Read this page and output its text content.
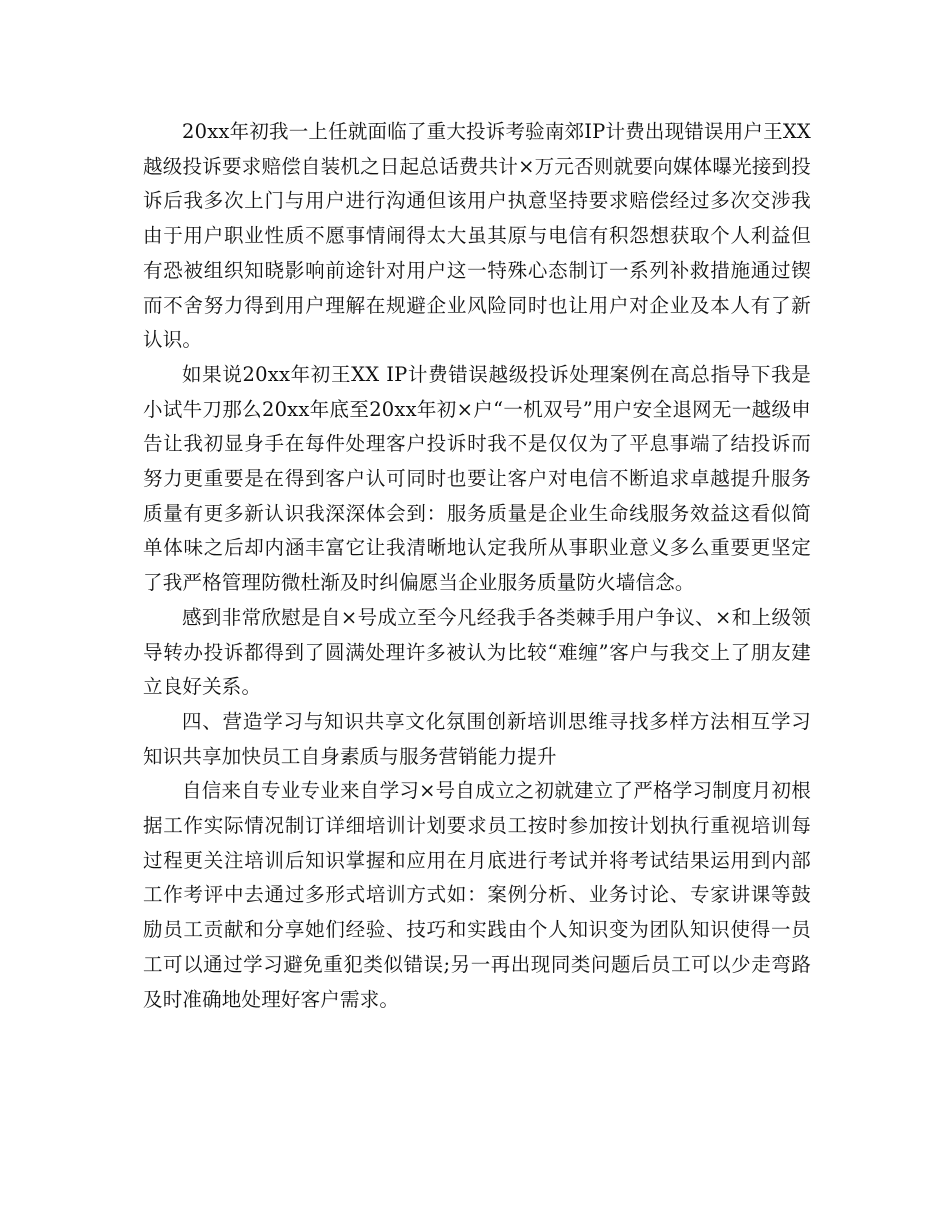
20xx年初我一上任就面临了重大投诉考验南郊IP计费出现错误用户王XX越级投诉要求赔偿自装机之日起总话费共计×万元否则就要向媒体曝光接到投诉后我多次上门与用户进行沟通但该用户执意坚持要求赔偿经过多次交涉我由于用户职业性质不愿事情闹得太大虽其原与电信有积怨想获取个人利益但有恐被组织知晓影响前途针对用户这一特殊心态制订一系列补救措施通过锲而不舍努力得到用户理解在规避企业风险同时也让用户对企业及本人有了新认识。

如果说20xx年初王XX IP计费错误越级投诉处理案例在高总指导下我是小试牛刀那么20xx年底至20xx年初×户“一机双号”用户安全退网无一越级申告让我初显身手在每件处理客户投诉时我不是仅仅为了平息事端了结投诉而努力更重要是在得到客户认可同时也要让客户对电信不断追求卓越提升服务质量有更多新认识我深深体会到：服务质量是企业生命线服务效益这看似简单体味之后却内涵丰富它让我清晰地认定我所从事职业意义多么重要更坚定了我严格管理防微杜渐及时纠偏愿当企业服务质量防火墙信念。

感到非常欣慰是自×号成立至今凡经我手各类棘手用户争议、×和上级领导转办投诉都得到了圆满处理许多被认为比较“难缠”客户与我交上了朋友建立良好关系。

四、营造学习与知识共享文化氛围创新培训思维寻找多样方法相互学习知识共享加快员工自身素质与服务营销能力提升

自信来自专业专业来自学习×号自成立之初就建立了严格学习制度月初根据工作实际情况制订详细培训计划要求员工按时参加按计划执行重视培训每过程更关注培训后知识掌握和应用在月底进行考试并将考试结果运用到内部工作考评中去通过多形式培训方式如：案例分析、业务讨论、专家讲课等鼓励员工贡献和分享她们经验、技巧和实践由个人知识变为团队知识使得一员工可以通过学习避免重犯类似错误;另一再出现同类问题后员工可以少走弯路及时准确地处理好客户需求。
